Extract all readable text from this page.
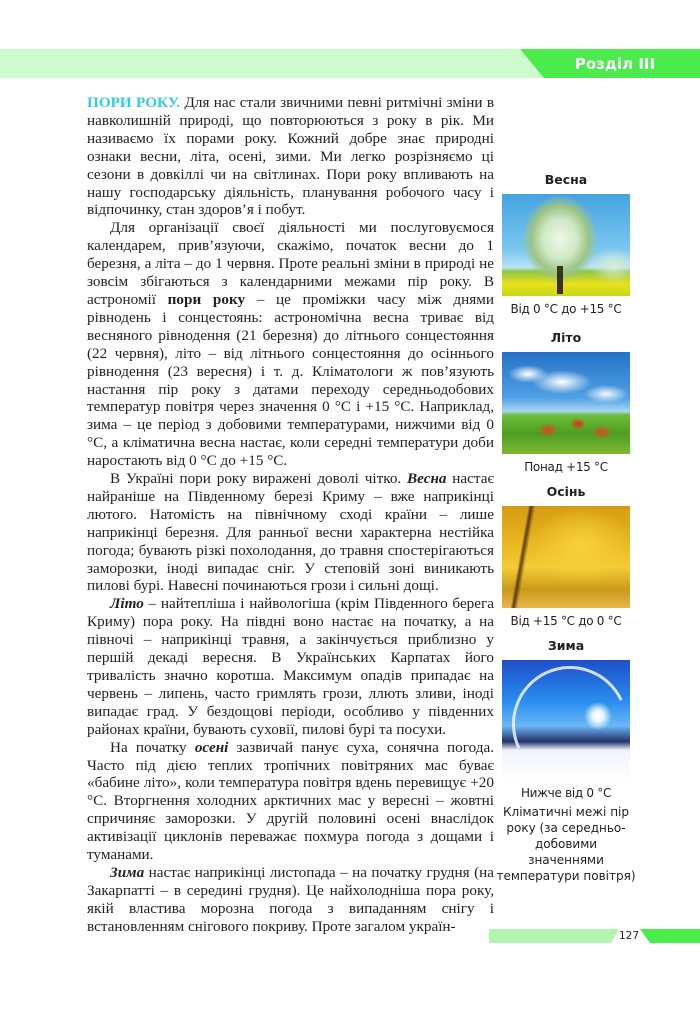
Розділ III

ПОРИ РОКУ. Для нас стали звичними певні ритмічні зміни в навколишній природі, що повторюються з року в рік. Ми називаємо їх порами року. Кожний добре знає природні ознаки весни, літа, осені, зими. Ми легко розрізняємо ці сезони в довкіллі чи на світлинах. Пори року впливають на нашу господарську діяльність, планування робочого часу і відпочинку, стан здоров’я і побут.

Для організації своєї діяльності ми послуговуємося календарем, прив’язуючи, скажімо, початок весни до 1 березня, а літа – до 1 червня. Проте реальні зміни в природі не зовсім збігаються з календарними межами пір року. В астрономії пори року – це проміжки часу між днями рівнодень і сонцестоянь: астрономічна весна триває від весняного рівнодення (21 березня) до літнього сонцестояння (22 червня), літо – від літнього сонцестояння до осіннього рівнодення (23 вересня) і т. д. Кліматологи ж пов’язують настання пір року з датами переходу середньодобових температур повітря через значення 0 °С і +15 °С. Наприклад, зима – це період з добовими температурами, нижчими від 0 °С, а кліматична весна настає, коли середні температури доби наростають від 0 °С до +15 °С.

В Україні пори року виражені доволі чітко. Весна настає найраніше на Південному березі Криму – вже наприкінці лютого. Натомість на північному сході країни – лише наприкінці березня. Для ранньої весни характерна нестійка погода; бувають різкі похолодання, до травня спостерігаються заморозки, іноді випадає сніг. У степовій зоні виникають пилові бурі. Навесні починаються грози і сильні дощі.

Літо – найтепліша і найвологіша (крім Південного берега Криму) пора року. На півдні воно настає на початку, а на півночі – наприкінці травня, а закінчується приблизно у першій декаді вересня. В Українських Карпатах його тривалість значно коротша. Максимум опадів припадає на червень – липень, часто гримлять грози, ллють зливи, іноді випадає град. У бездощові періоди, особливо у південних районах країни, бувають суховії, пилові бурі та посухи.

На початку осені зазвичай панує суха, сонячна погода. Часто під дією теплих тропічних повітряних мас буває «бабине літо», коли температура повітря вдень перевищує +20 °С. Вторгнення холодних арктичних мас у вересні – жовтні спричиняє заморозки. У другій половині осені внаслідок активізації циклонів переважає похмура погода з дощами і туманами.

Зима настає наприкінці листопада – на початку грудня (на Закарпатті – в середині грудня). Це найхолодніша пора року, якій властива морозна погода з випаданням снігу і встановленням снігового покриву. Проте загалом україн-

Весна
Від 0 °С до +15 °С
Літо
Понад +15 °С
Осінь
Від +15 °С до 0 °С
Зима
Нижче від 0 °С
Кліматичні межі пір року (за середньо-добовими значеннями температури повітря)
127
